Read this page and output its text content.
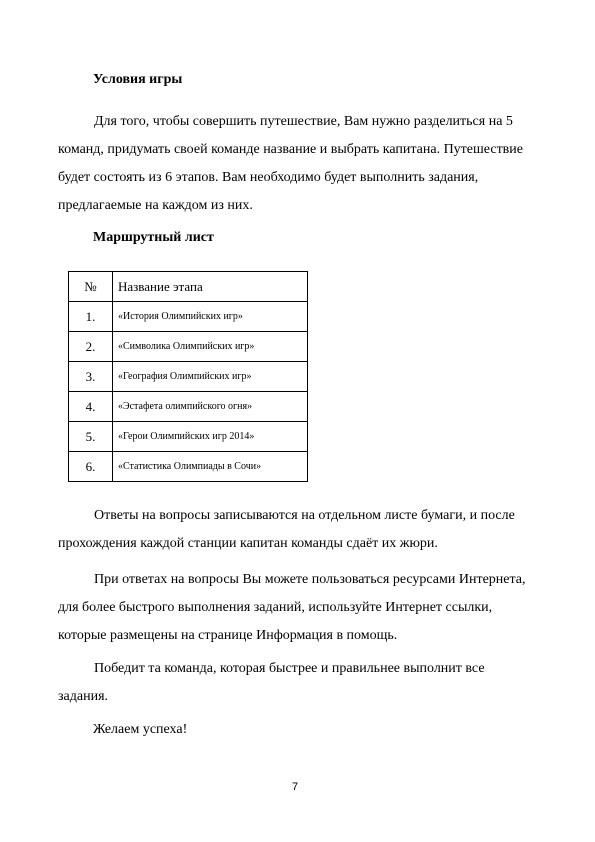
Условия игры
Для того, чтобы совершить путешествие, Вам нужно разделиться на 5
команд, придумать своей команде название и выбрать капитана. Путешествие
будет состоять из 6 этапов. Вам необходимо будет выполнить задания,
предлагаемые на каждом из них.
Маршрутный лист
№	Название этапа
1.	«История Олимпийских игр»
2.	«Символика Олимпийских игр»
3.	«География Олимпийских игр»
4.	«Эстафета олимпийского огня»
5.	«Герои Олимпийских игр 2014»
6.	«Статистика Олимпиады в Сочи»
Ответы на вопросы записываются на отдельном листе бумаги, и после
прохождения каждой станции капитан команды сдаёт их жюри.
При ответах на вопросы Вы можете пользоваться ресурсами Интернета,
для более быстрого выполнения заданий, используйте Интернет ссылки,
которые размещены на странице Информация в помощь.
Победит та команда, которая быстрее и правильнее выполнит все
задания.
Желаем успеха!
7
